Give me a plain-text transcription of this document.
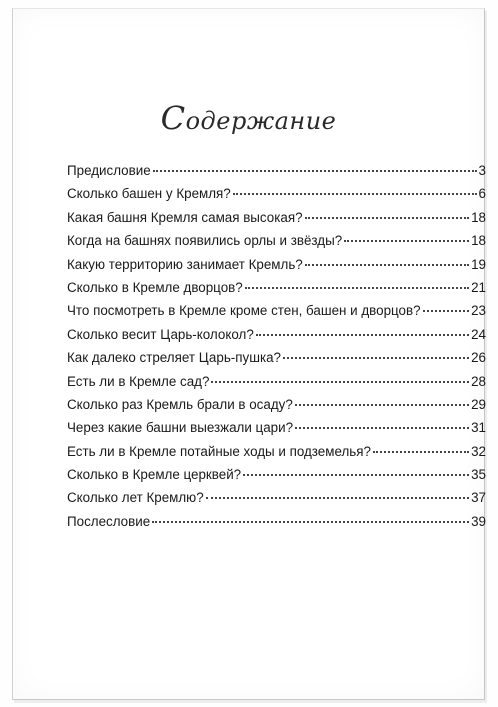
Содержание
Предисловие	3
Сколько башен у Кремля?	6
Какая башня Кремля самая высокая?	18
Когда на башнях появились орлы и звёзды?	18
Какую территорию занимает Кремль?	19
Сколько в Кремле дворцов?	21
Что посмотреть в Кремле кроме стен, башен и дворцов?	23
Сколько весит Царь-колокол?	24
Как далеко стреляет Царь-пушка?	26
Есть ли в Кремле сад?	28
Сколько раз Кремль брали в осаду?	29
Через какие башни выезжали цари?	31
Есть ли в Кремле потайные ходы и подземелья?	32
Сколько в Кремле церквей?	35
Сколько лет Кремлю?	37
Послесловие	39
